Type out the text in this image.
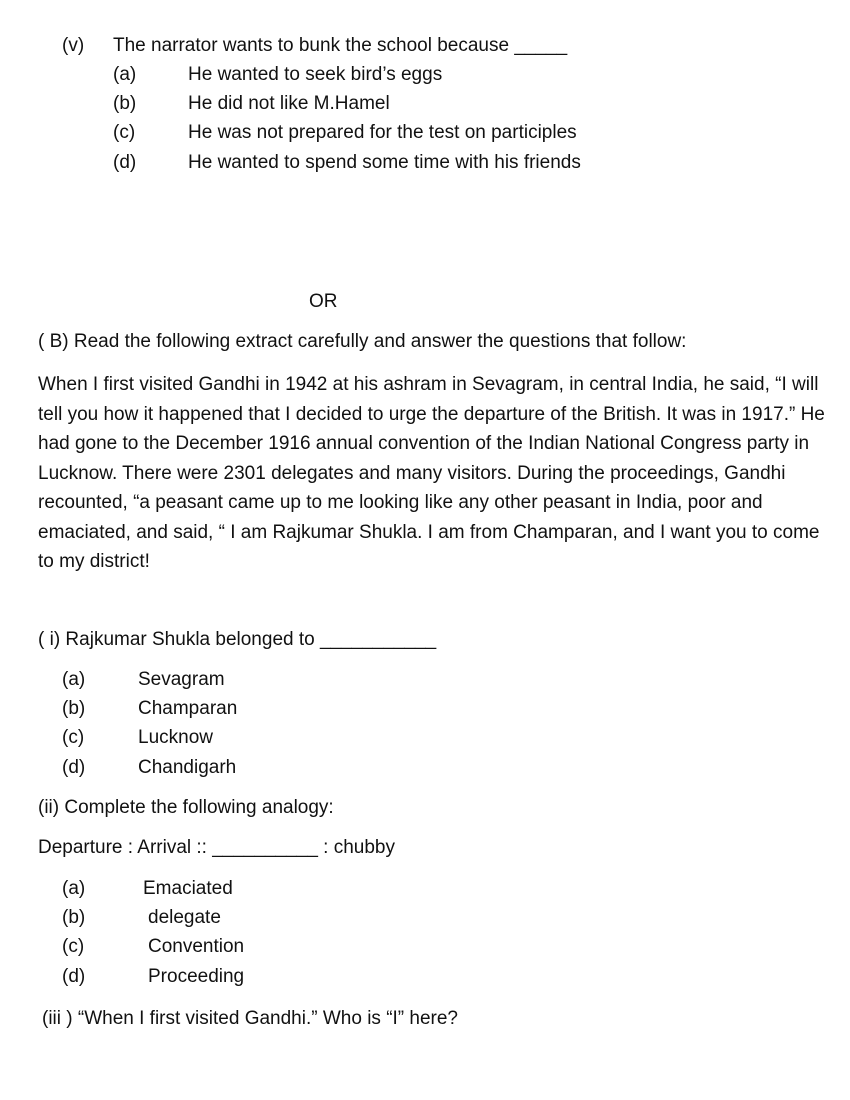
(v) The narrator wants to bunk the school because _____
(a)	He wanted to seek bird’s eggs
(b)	He did not like M.Hamel
(c)	He was not prepared for the test on participles
(d)	He wanted to spend some time with his friends
OR
( B) Read the following extract carefully and answer the questions that follow:
When I first visited Gandhi in 1942 at his ashram in Sevagram, in central India, he said, “I will tell you how it happened that I decided to urge the departure of the British. It was in 1917.” He had gone to the December 1916 annual convention of the Indian National Congress party in Lucknow. There were 2301 delegates and many visitors. During the proceedings, Gandhi recounted, “a peasant came up to me looking like any other peasant in India, poor and emaciated, and said, “ I am Rajkumar Shukla. I am from Champaran, and I want you to come to my district!
( i) Rajkumar Shukla belonged to ___________
(a)	Sevagram
(b)	Champaran
(c)	Lucknow
(d)	Chandigarh
(ii) Complete the following analogy:
Departure : Arrival :: __________ : chubby
(a)	Emaciated
(b)	delegate
(c)	Convention
(d)	Proceeding
(iii ) “When I first visited Gandhi.” Who is “I” here?
